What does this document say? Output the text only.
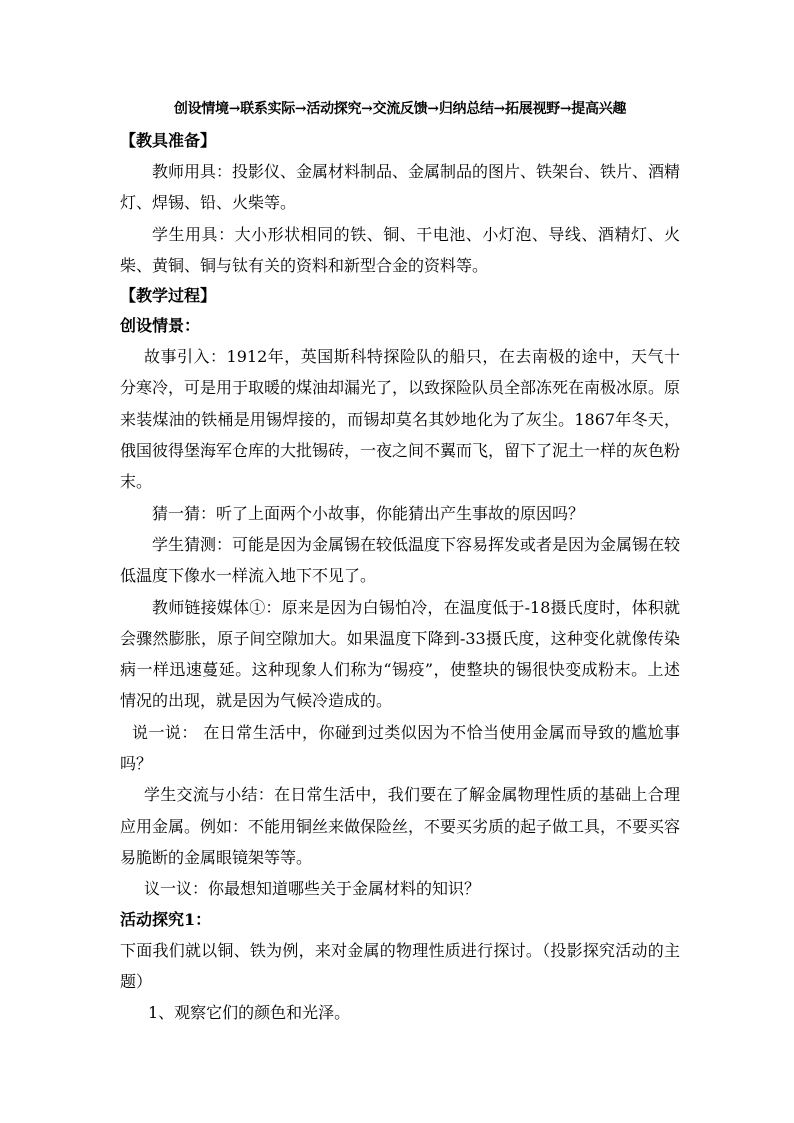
创设情境→联系实际→活动探究→交流反馈→归纳总结→拓展视野→提高兴趣
【教具准备】
教师用具：投影仪、金属材料制品、金属制品的图片、铁架台、铁片、酒精灯、焊锡、铅、火柴等。
学生用具：大小形状相同的铁、铜、干电池、小灯泡、导线、酒精灯、火柴、黄铜、铜与钛有关的资料和新型合金的资料等。
【教学过程】
创设情景：
故事引入：1912年，英国斯科特探险队的船只，在去南极的途中，天气十分寒冷，可是用于取暖的煤油却漏光了，以致探险队员全部冻死在南极冰原。原来装煤油的铁桶是用锡焊接的，而锡却莫名其妙地化为了灰尘。1867年冬天，俄国彼得堡海军仓库的大批锡砖，一夜之间不翼而飞，留下了泥土一样的灰色粉末。
猜一猜：听了上面两个小故事，你能猜出产生事故的原因吗？
学生猜测：可能是因为金属锡在较低温度下容易挥发或者是因为金属锡在较低温度下像水一样流入地下不见了。
教师链接媒体①：原来是因为白锡怕冷，在温度低于-18摄氏度时，体积就会骤然膨胀，原子间空隙加大。如果温度下降到-33摄氏度，这种变化就像传染病一样迅速蔓延。这种现象人们称为“锡疫”，使整块的锡很快变成粉末。上述情况的出现，就是因为气候冷造成的。
说一说： 在日常生活中，你碰到过类似因为不恰当使用金属而导致的尴尬事吗？
学生交流与小结：在日常生活中，我们要在了解金属物理性质的基础上合理应用金属。例如：不能用铜丝来做保险丝，不要买劣质的起子做工具，不要买容易脆断的金属眼镜架等等。
议一议：你最想知道哪些关于金属材料的知识？
活动探究1：
下面我们就以铜、铁为例，来对金属的物理性质进行探讨。（投影探究活动的主题）
1、观察它们的颜色和光泽。
